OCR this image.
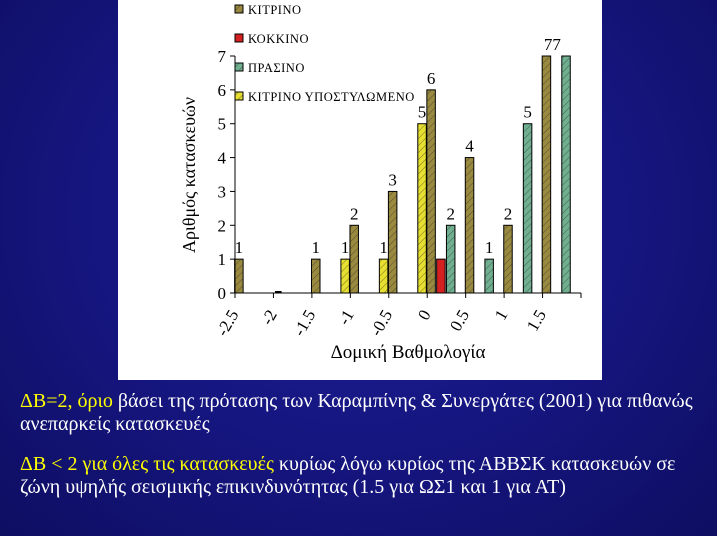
0
1
2
3
4
5
6
7
-2.5 -2 -1.5 -1 -0.5 0 0.5 1 1.5
Αριθμός κατασκευών
Δομική Βαθμολογία
1	1 1
2
1
3
5
6
2
4
1
2
5
77
ΚΙΤΡΙΝΟ
ΚΟΚΚΙΝΟ
ΠΡΑΣΙΝΟ
ΚΙΤΡΙΝΟ ΥΠΟΣΤΥΛΩΜΕΝΟ
ΔΒ=2, όριο βάσει της πρότασης των Καραμπίνης & Συνεργάτες (2001) για πιθανώς ανεπαρκείς κατασκευές
ΔΒ < 2 για όλες τις κατασκευές κυρίως λόγω κυρίως της ΑΒΒΣΚ κατασκευών σε ζώνη υψηλής σεισμικής επικινδυνότητας (1.5 για ΩΣ1 και 1 για ΑΤ)
